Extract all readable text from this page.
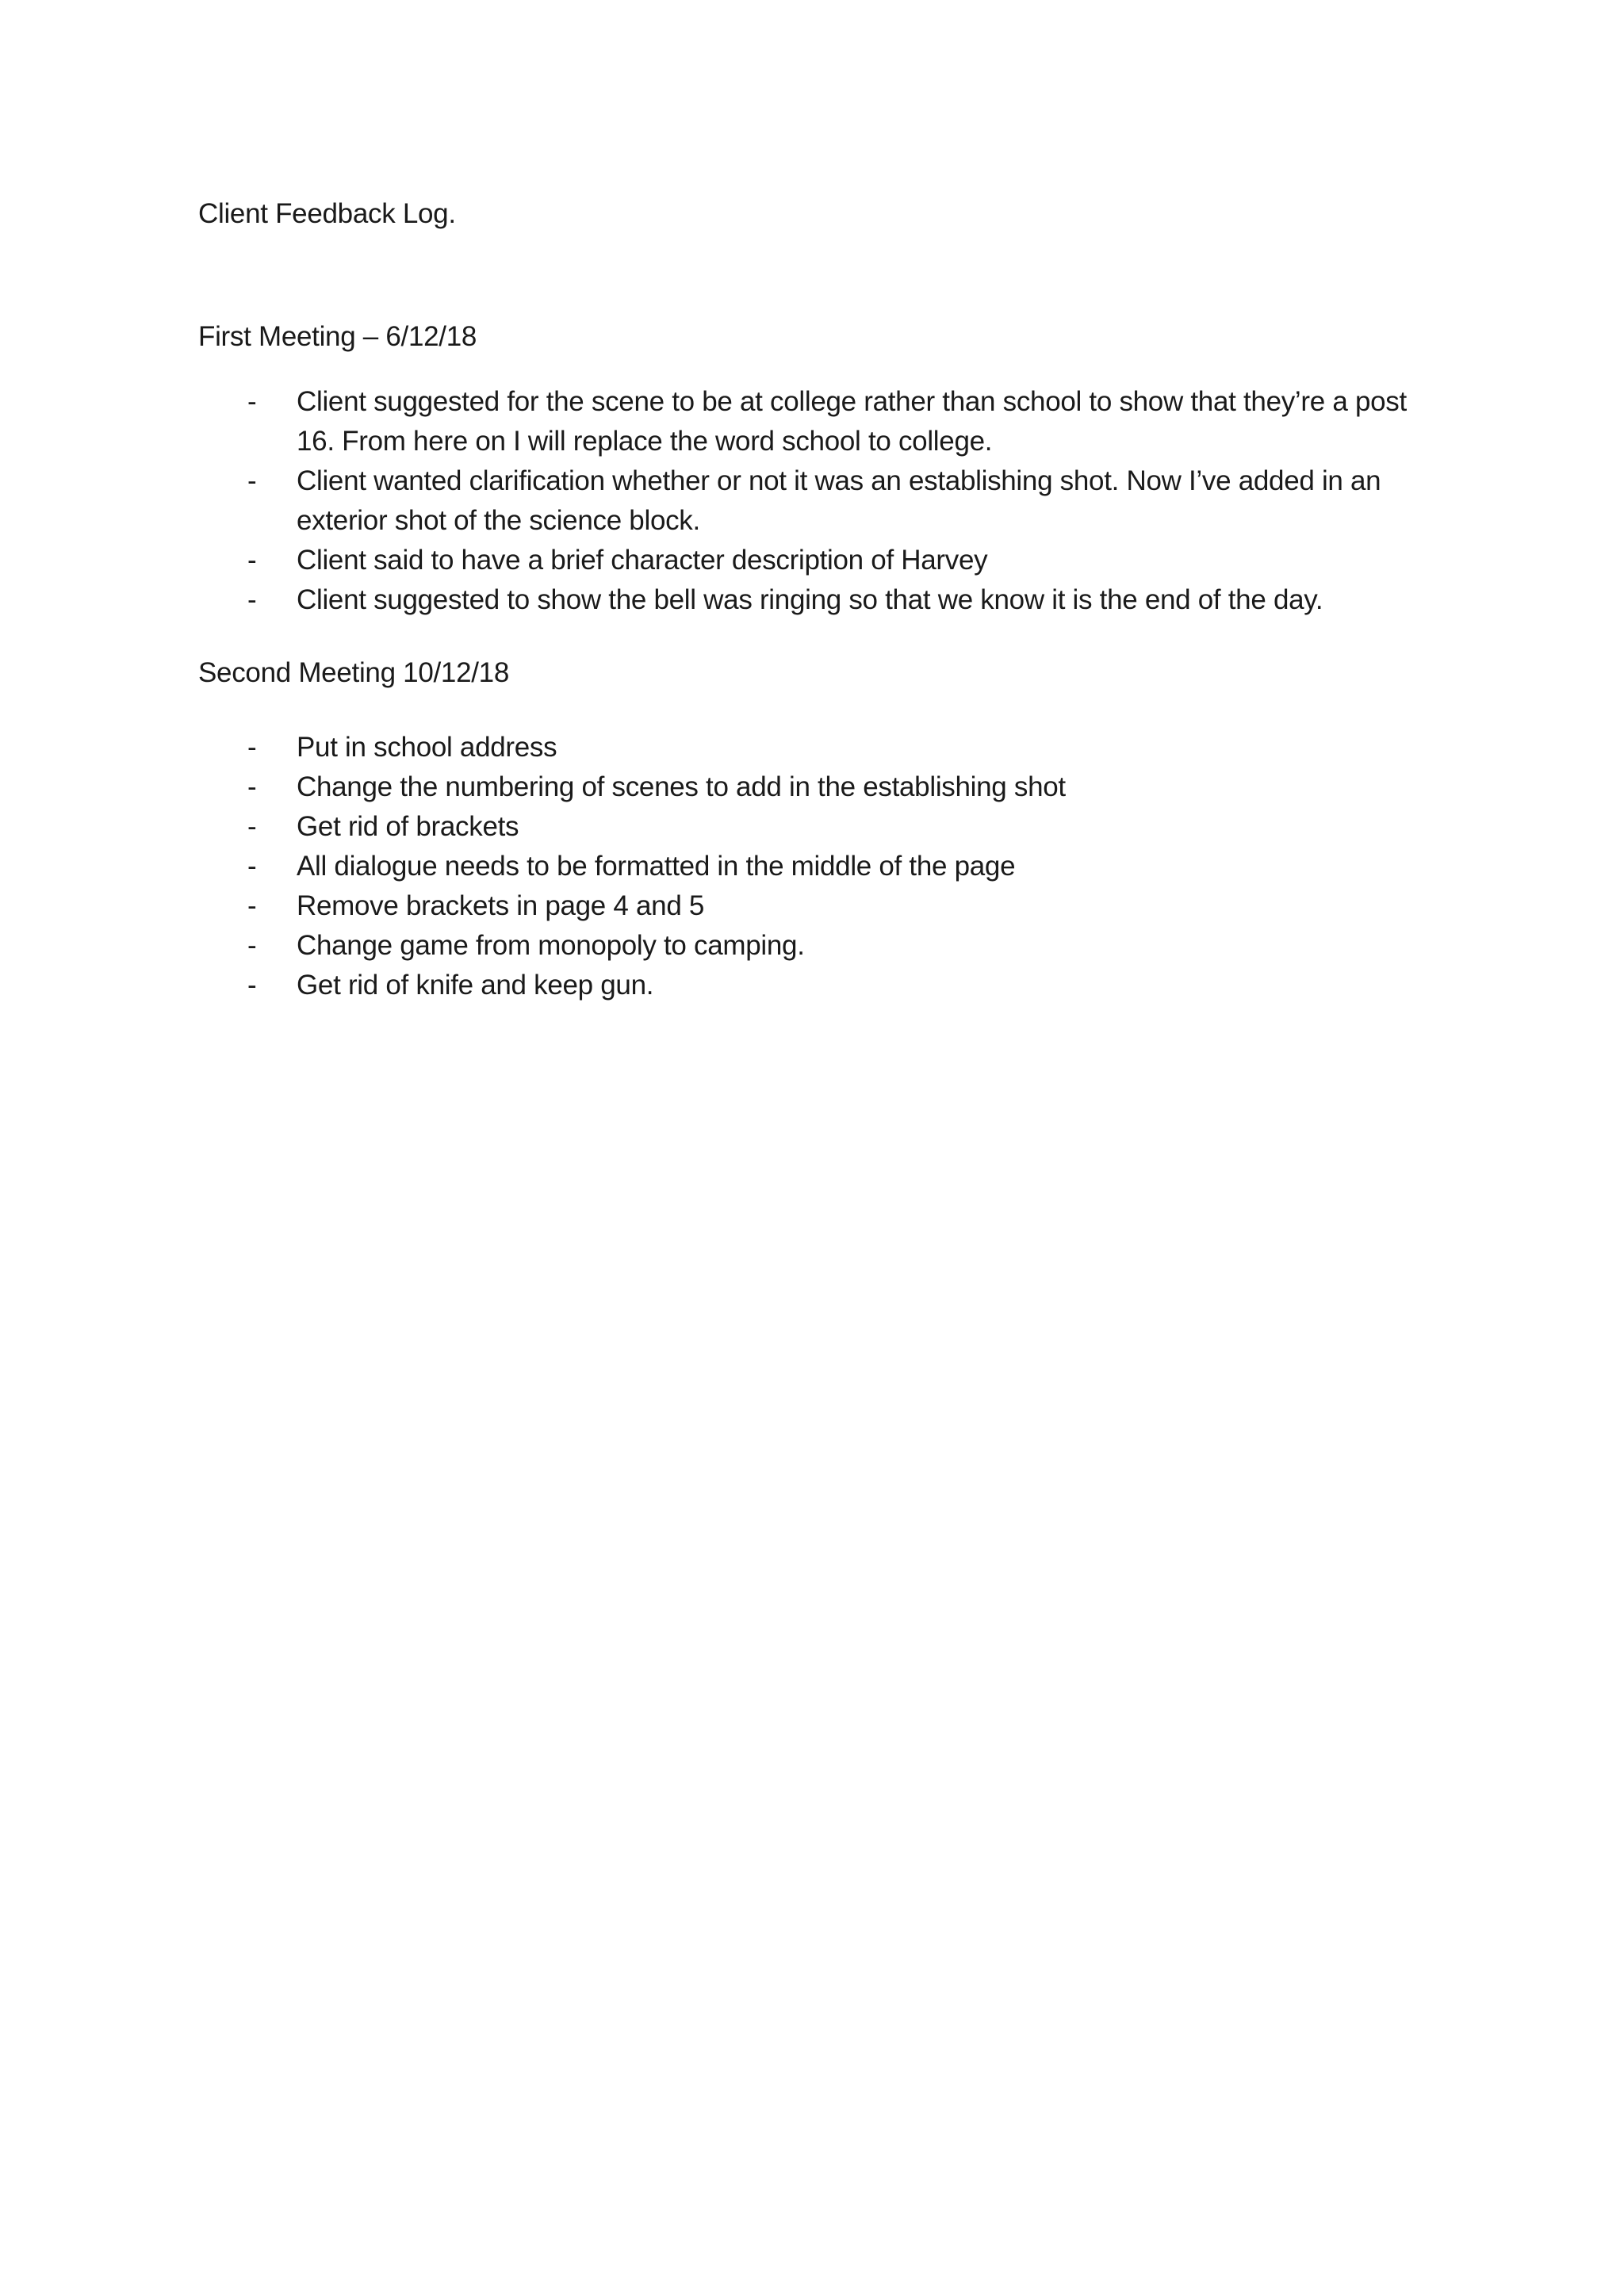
Client Feedback Log.

First Meeting – 6/12/18

- Client suggested for the scene to be at college rather than school to show that they’re a post 16. From here on I will replace the word school to college.
- Client wanted clarification whether or not it was an establishing shot. Now I’ve added in an exterior shot of the science block.
- Client said to have a brief character description of Harvey
- Client suggested to show the bell was ringing so that we know it is the end of the day.

Second Meeting 10/12/18

- Put in school address
- Change the numbering of scenes to add in the establishing shot
- Get rid of brackets
- All dialogue needs to be formatted in the middle of the page
- Remove brackets in page 4 and 5
- Change game from monopoly to camping.
- Get rid of knife and keep gun.
